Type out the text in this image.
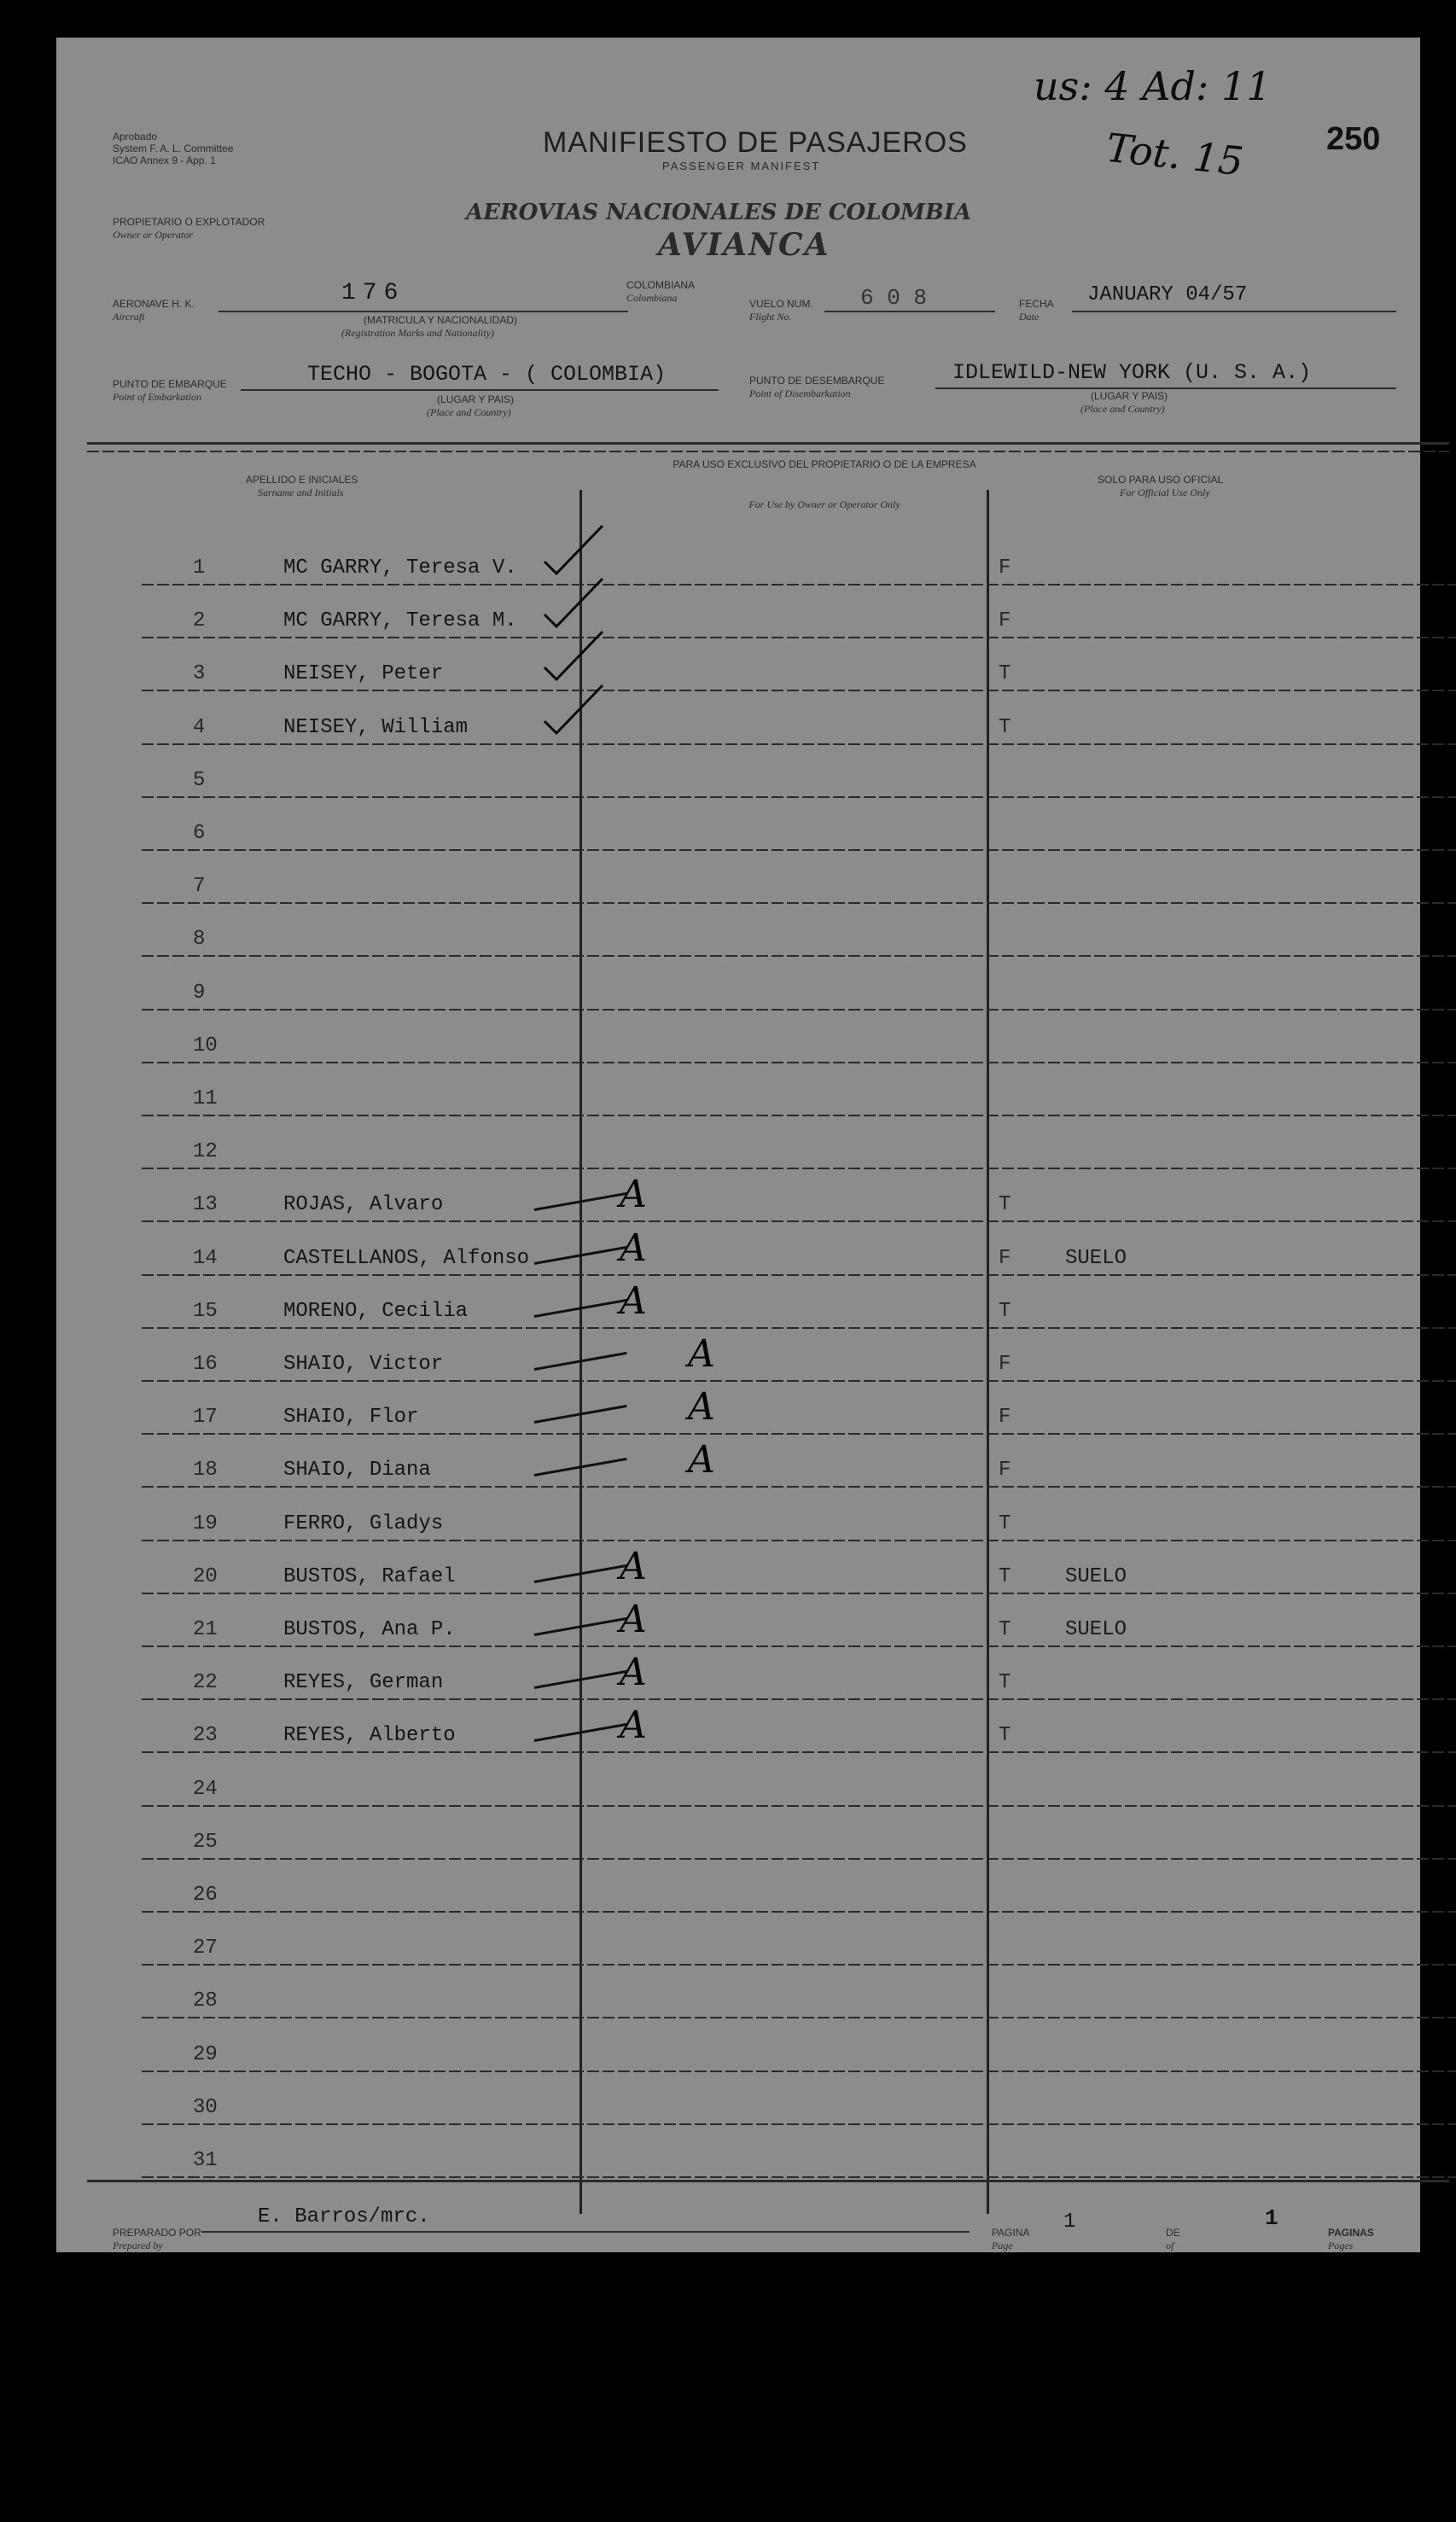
us: 4 Ad: 11
Tot. 15 250
Aprobado
System F. A. L. Committee
ICAO Annex 9 - App. 1
MANIFIESTO DE PASAJEROS
PASSENGER MANIFEST
PROPIETARIO O EXPLOTADOR
Owner or Operator
AEROVIAS NACIONALES DE COLOMBIA
AVIANCA
AERONAVE H. K.
Aircraft
176
(MATRICULA Y NACIONALIDAD)
(Registration Marks and Nationality)
COLOMBIANA
Colombiana	VUELO NUM.
Flight No.
6 0 8	FECHA
Date
JANUARY 04/57
PUNTO DE EMBARQUE
Point of Embarkation
TECHO - BOGOTA - ( COLOMBIA)
(LUGAR Y PAIS)
(Place and Country)
PUNTO DE DESEMBARQUE
Point of Disembarkation
IDLEWILD-NEW YORK (U. S. A.)
(LUGAR Y PAIS)
(Place and Country)
APELLIDO E INICIALES
Surname and Initials
PARA USO EXCLUSIVO DEL PROPIETARIO O DE LA EMPRESA
For Use by Owner or Operator Only
SOLO PARA USO OFICIAL
For Official Use Only
1	MC GARRY, Teresa V.	F
2	MC GARRY, Teresa M.	F
3	NEISEY, Peter	T
4	NEISEY, William	T
5
6
7
8
9
10
11
12
13	ROJAS, Alvaro	T
A
14	CASTELLANOS, Alfonso	F	SUELO
A
15	MORENO, Cecilia	T
A
16	SHAIO, Victor	F
A
17	SHAIO, Flor	F
A
18	SHAIO, Diana	F
A
19	FERRO, Gladys	T
20	BUSTOS, Rafael	T	SUELO
A
21	BUSTOS, Ana P.	T	SUELO
A
22	REYES, German	T
A
23	REYES, Alberto	T
A
24
25
26
27
28
29
30
31
PREPARADO POR
Prepared by
E. Barros/mrc.
PAGINA
Page
1	DE
of
1
PAGINAS
Pages
